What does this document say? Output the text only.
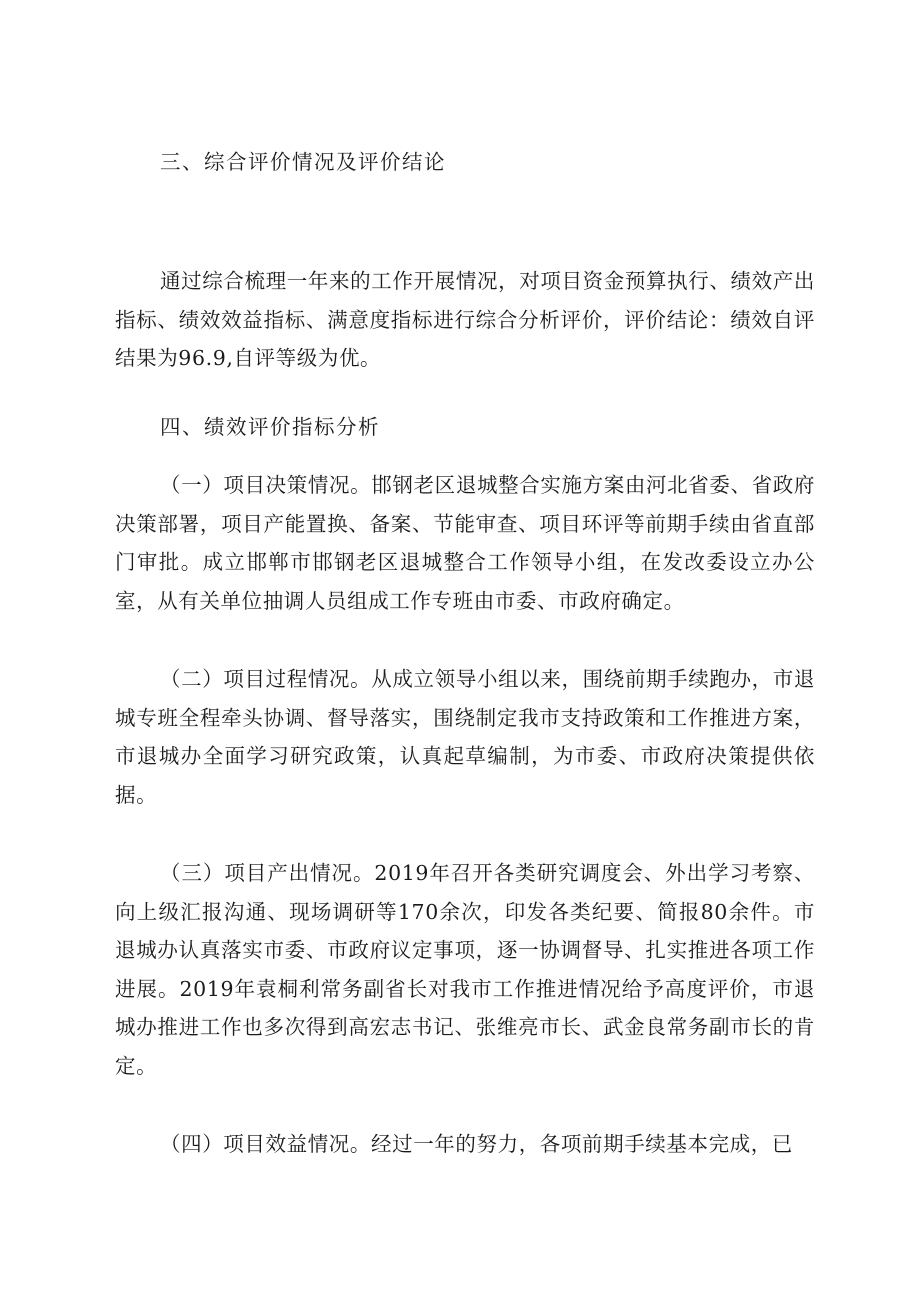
三、综合评价情况及评价结论

通过综合梳理一年来的工作开展情况，对项目资金预算执行、绩效产出指标、绩效效益指标、满意度指标进行综合分析评价，评价结论：绩效自评结果为96.9,自评等级为优。

四、绩效评价指标分析

（一）项目决策情况。邯钢老区退城整合实施方案由河北省委、省政府决策部署，项目产能置换、备案、节能审查、项目环评等前期手续由省直部门审批。成立邯郸市邯钢老区退城整合工作领导小组，在发改委设立办公室，从有关单位抽调人员组成工作专班由市委、市政府确定。

（二）项目过程情况。从成立领导小组以来，围绕前期手续跑办，市退城专班全程牵头协调、督导落实，围绕制定我市支持政策和工作推进方案，市退城办全面学习研究政策，认真起草编制，为市委、市政府决策提供依据。

（三）项目产出情况。2019年召开各类研究调度会、外出学习考察、向上级汇报沟通、现场调研等170余次，印发各类纪要、简报80余件。市退城办认真落实市委、市政府议定事项，逐一协调督导、扎实推进各项工作进展。2019年袁桐利常务副省长对我市工作推进情况给予高度评价，市退城办推进工作也多次得到高宏志书记、张维亮市长、武金良常务副市长的肯定。

（四）项目效益情况。经过一年的努力，各项前期手续基本完成，已
